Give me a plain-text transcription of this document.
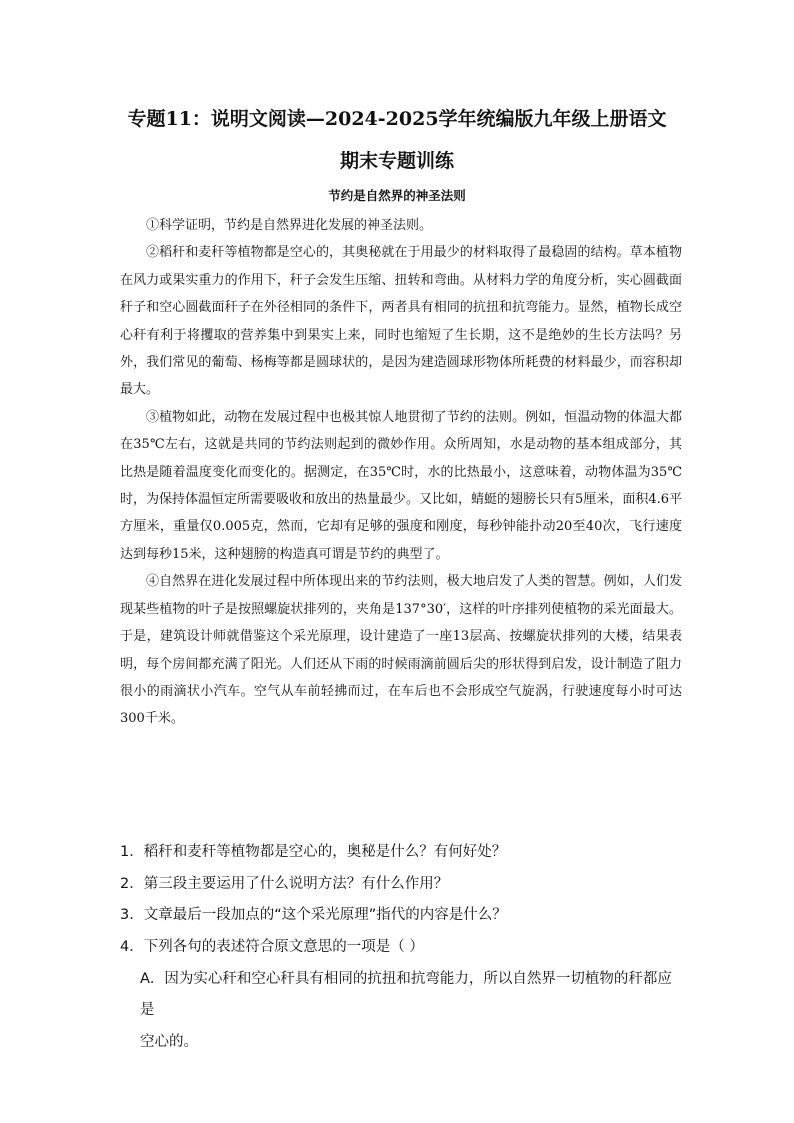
专题11：说明文阅读—2024-2025学年统编版九年级上册语文
期末专题训练
节约是自然界的神圣法则

①科学证明，节约是自然界进化发展的神圣法则。

②稻秆和麦秆等植物都是空心的，其奥秘就在于用最少的材料取得了最稳固的结构。草本植物在风力或果实重力的作用下，秆子会发生压缩、扭转和弯曲。从材料力学的角度分析，实心圆截面秆子和空心圆截面秆子在外径相同的条件下，两者具有相同的抗扭和抗弯能力。显然，植物长成空心秆有利于将攫取的营养集中到果实上来，同时也缩短了生长期，这不是绝妙的生长方法吗？另外，我们常见的葡萄、杨梅等都是圆球状的，是因为建造圆球形物体所耗费的材料最少，而容积却最大。

③植物如此，动物在发展过程中也极其惊人地贯彻了节约的法则。例如，恒温动物的体温大都在35℃左右，这就是共同的节约法则起到的微妙作用。众所周知，水是动物的基本组成部分，其比热是随着温度变化而变化的。据测定，在35℃时，水的比热最小，这意味着，动物体温为35℃时，为保持体温恒定所需要吸收和放出的热量最少。又比如，蜻蜓的翅膀长只有5厘米，面积4.6平方厘米，重量仅0.005克，然而，它却有足够的强度和刚度，每秒钟能扑动20至40次，飞行速度达到每秒15米，这种翅膀的构造真可谓是节约的典型了。

④自然界在进化发展过程中所体现出来的节约法则，极大地启发了人类的智慧。例如，人们发现某些植物的叶子是按照螺旋状排列的，夹角是137°30′，这样的叶序排列使植物的采光面最大。于是，建筑设计师就借鉴这个采光原理，设计建造了一座13层高、按螺旋状排列的大楼，结果表明，每个房间都充满了阳光。人们还从下雨的时候雨滴前圆后尖的形状得到启发，设计制造了阻力很小的雨滴状小汽车。空气从车前轻拂而过，在车后也不会形成空气旋涡，行驶速度每小时可达300千米。

1．稻秆和麦秆等植物都是空心的，奥秘是什么？有何好处？
2．第三段主要运用了什么说明方法？有什么作用？
3．文章最后一段加点的“这个采光原理”指代的内容是什么？
4．下列各句的表述符合原文意思的一项是（ ）
A．因为实心秆和空心秆具有相同的抗扭和抗弯能力，所以自然界一切植物的秆都应是
空心的。
